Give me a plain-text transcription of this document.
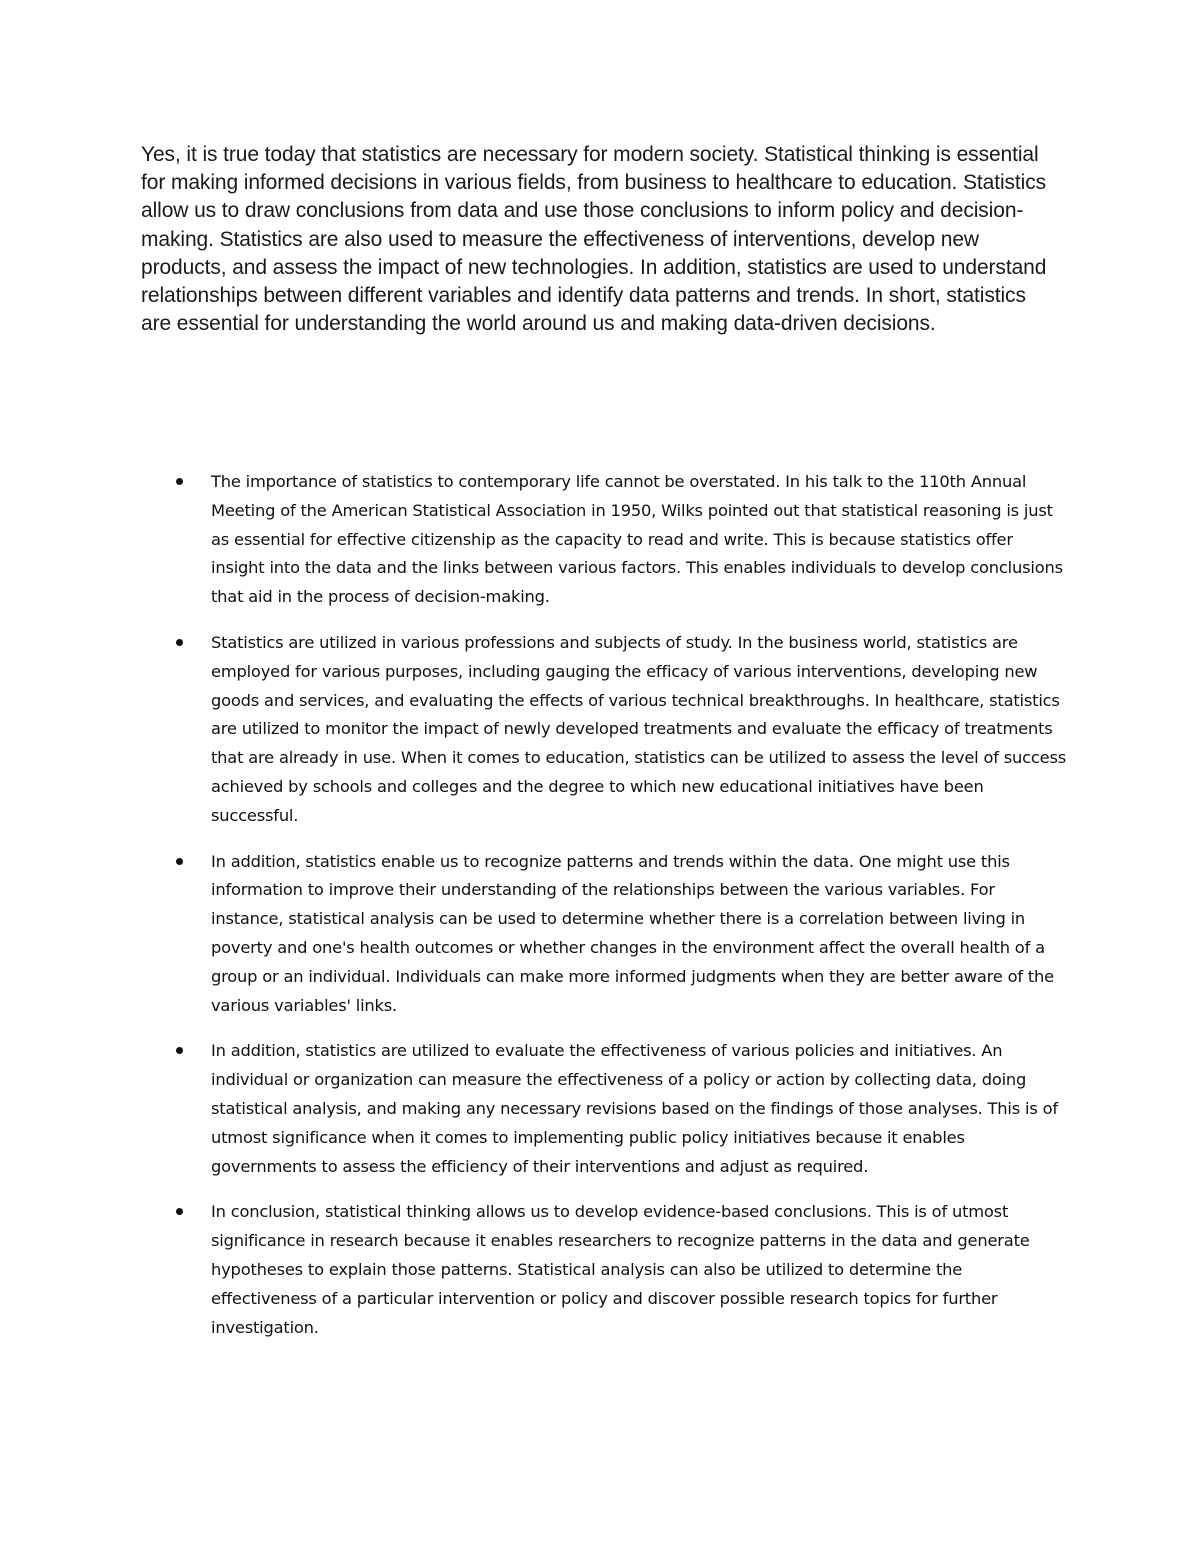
Yes, it is true today that statistics are necessary for modern society. Statistical thinking is essential for making informed decisions in various fields, from business to healthcare to education. Statistics allow us to draw conclusions from data and use those conclusions to inform policy and decision-making. Statistics are also used to measure the effectiveness of interventions, develop new products, and assess the impact of new technologies. In addition, statistics are used to understand relationships between different variables and identify data patterns and trends. In short, statistics are essential for understanding the world around us and making data-driven decisions.

The importance of statistics to contemporary life cannot be overstated. In his talk to the 110th Annual Meeting of the American Statistical Association in 1950, Wilks pointed out that statistical reasoning is just as essential for effective citizenship as the capacity to read and write. This is because statistics offer insight into the data and the links between various factors. This enables individuals to develop conclusions that aid in the process of decision-making.
Statistics are utilized in various professions and subjects of study. In the business world, statistics are employed for various purposes, including gauging the efficacy of various interventions, developing new goods and services, and evaluating the effects of various technical breakthroughs. In healthcare, statistics are utilized to monitor the impact of newly developed treatments and evaluate the efficacy of treatments that are already in use. When it comes to education, statistics can be utilized to assess the level of success achieved by schools and colleges and the degree to which new educational initiatives have been successful.
In addition, statistics enable us to recognize patterns and trends within the data. One might use this information to improve their understanding of the relationships between the various variables. For instance, statistical analysis can be used to determine whether there is a correlation between living in poverty and one's health outcomes or whether changes in the environment affect the overall health of a group or an individual. Individuals can make more informed judgments when they are better aware of the various variables' links.
In addition, statistics are utilized to evaluate the effectiveness of various policies and initiatives. An individual or organization can measure the effectiveness of a policy or action by collecting data, doing statistical analysis, and making any necessary revisions based on the findings of those analyses. This is of utmost significance when it comes to implementing public policy initiatives because it enables governments to assess the efficiency of their interventions and adjust as required.
In conclusion, statistical thinking allows us to develop evidence-based conclusions. This is of utmost significance in research because it enables researchers to recognize patterns in the data and generate hypotheses to explain those patterns. Statistical analysis can also be utilized to determine the effectiveness of a particular intervention or policy and discover possible research topics for further investigation.
